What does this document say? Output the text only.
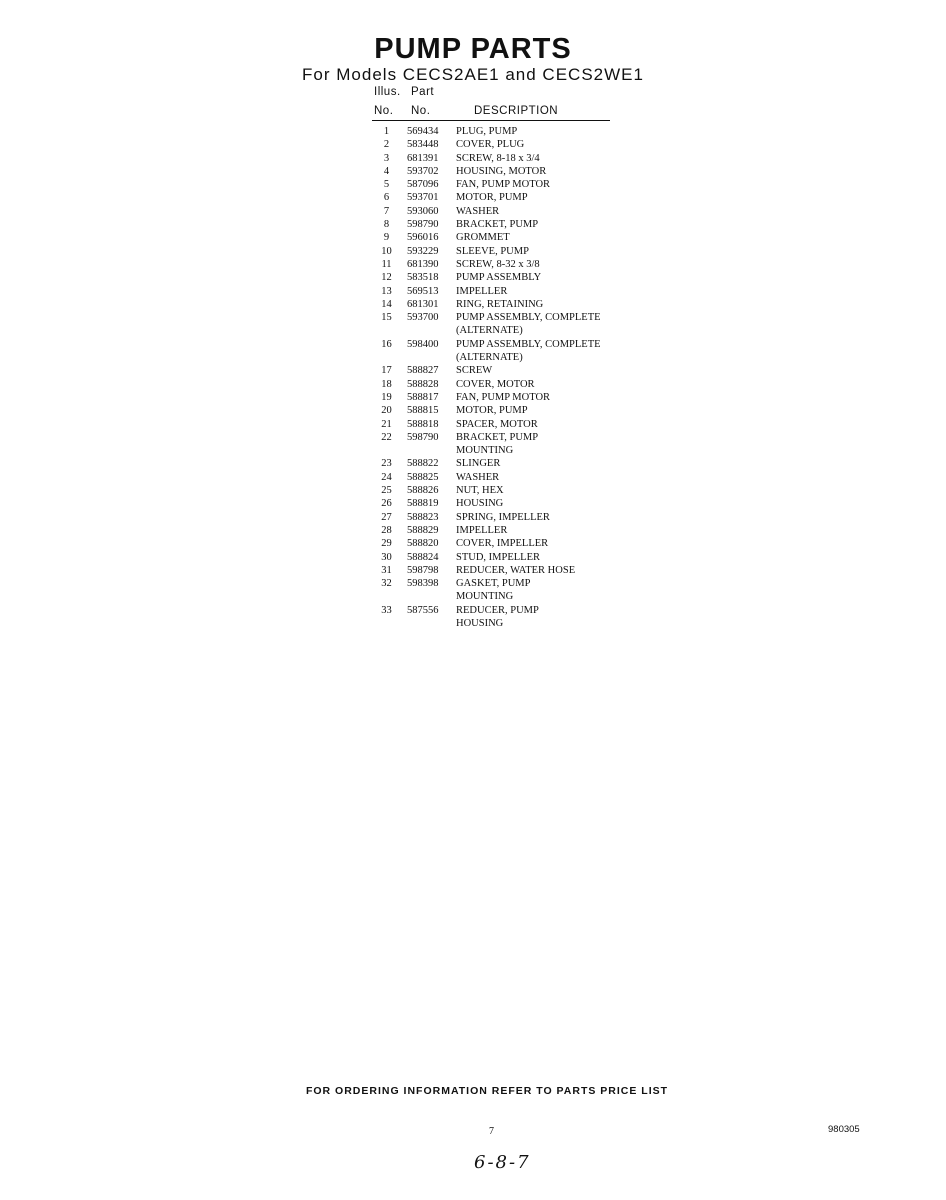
PUMP PARTS
For Models CECS2AE1 and CECS2WE1
Illus. Part
No. No.	DESCRIPTION
1	569434	PLUG, PUMP
2	583448	COVER, PLUG
3	681391	SCREW, 8-18 x 3/4
4	593702	HOUSING, MOTOR
5	587096	FAN, PUMP MOTOR
6	593701	MOTOR, PUMP
7	593060	WASHER
8	598790	BRACKET, PUMP
9	596016	GROMMET
10	593229	SLEEVE, PUMP
11	681390	SCREW, 8-32 x 3/8
12	583518	PUMP ASSEMBLY
13	569513	IMPELLER
14	681301	RING, RETAINING
15	593700	PUMP ASSEMBLY, COMPLETE
(ALTERNATE)
16	598400	PUMP ASSEMBLY, COMPLETE
(ALTERNATE)
17	588827	SCREW
18	588828	COVER, MOTOR
19	588817	FAN, PUMP MOTOR
20	588815	MOTOR, PUMP
21	588818	SPACER, MOTOR
22	598790	BRACKET, PUMP
MOUNTING
23	588822	SLINGER
24	588825	WASHER
25	588826	NUT, HEX
26	588819	HOUSING
27	588823	SPRING, IMPELLER
28	588829	IMPELLER
29	588820	COVER, IMPELLER
30	588824	STUD, IMPELLER
31	598798	REDUCER, WATER HOSE
32	598398	GASKET, PUMP
MOUNTING
33	587556	REDUCER, PUMP
HOUSING
FOR ORDERING INFORMATION REFER TO PARTS PRICE LIST
7	980305
6-8-7
